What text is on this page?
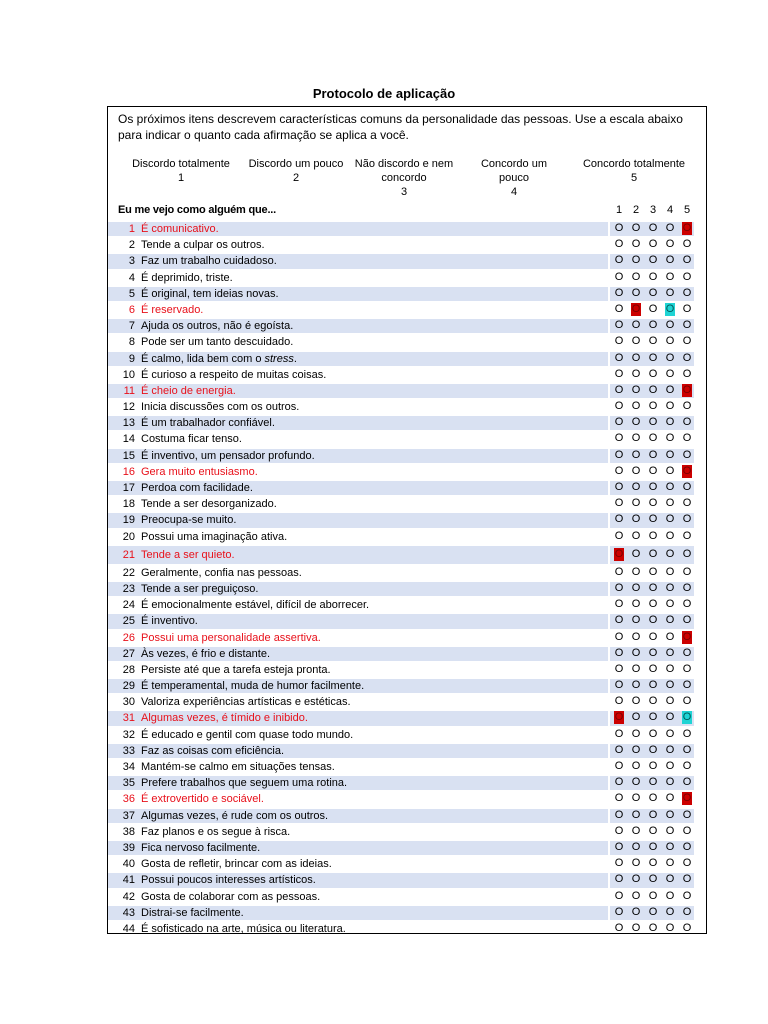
Protocolo de aplicação
Os próximos itens descrevem características comuns da personalidade das pessoas. Use a escala abaixo para indicar o quanto cada afirmação se aplica a você.
Discordo totalmente
1
Discordo um pouco
2
Não discordo e nem concordo
3
Concordo um pouco
4
Concordo totalmente
5
Eu me vejo como alguém que...	1 2 3 4 5
1 É comunicativo.	O O O O O
2 Tende a culpar os outros.	O O O O O
3 Faz um trabalho cuidadoso.	O O O O O
4 É deprimido, triste.	O O O O O
5 É original, tem ideias novas.	O O O O O
6 É reservado.	O O O O O
7 Ajuda os outros, não é egoísta.	O O O O O
8 Pode ser um tanto descuidado.	O O O O O
9 É calmo, lida bem com o stress.	O O O O O
10 É curioso a respeito de muitas coisas.	O O O O O
11 É cheio de energia.	O O O O O
12 Inicia discussões com os outros.	O O O O O
13 É um trabalhador confiável.	O O O O O
14 Costuma ficar tenso.	O O O O O
15 É inventivo, um pensador profundo.	O O O O O
16 Gera muito entusiasmo.	O O O O O
17 Perdoa com facilidade.	O O O O O
18 Tende a ser desorganizado.	O O O O O
19 Preocupa-se muito.	O O O O O
20 Possui uma imaginação ativa.	O O O O O
21 Tende a ser quieto.	O O O O O
22 Geralmente, confia nas pessoas.	O O O O O
23 Tende a ser preguiçoso.	O O O O O
24 É emocionalmente estável, difícil de aborrecer.	O O O O O
25 É inventivo.	O O O O O
26 Possui uma personalidade assertiva.	O O O O O
27 Às vezes, é frio e distante.	O O O O O
28 Persiste até que a tarefa esteja pronta.	O O O O O
29 É temperamental, muda de humor facilmente.	O O O O O
30 Valoriza experiências artísticas e estéticas.	O O O O O
31 Algumas vezes, é tímido e inibido.	O O O O O
32 É educado e gentil com quase todo mundo.	O O O O O
33 Faz as coisas com eficiência.	O O O O O
34 Mantém-se calmo em situações tensas.	O O O O O
35 Prefere trabalhos que seguem uma rotina.	O O O O O
36 É extrovertido e sociável.	O O O O O
37 Algumas vezes, é rude com os outros.	O O O O O
38 Faz planos e os segue à risca.	O O O O O
39 Fica nervoso facilmente.	O O O O O
40 Gosta de refletir, brincar com as ideias.	O O O O O
41 Possui poucos interesses artísticos.	O O O O O
42 Gosta de colaborar com as pessoas.	O O O O O
43 Distrai-se facilmente.	O O O O O
44 É sofisticado na arte, música ou literatura.	O O O O O
